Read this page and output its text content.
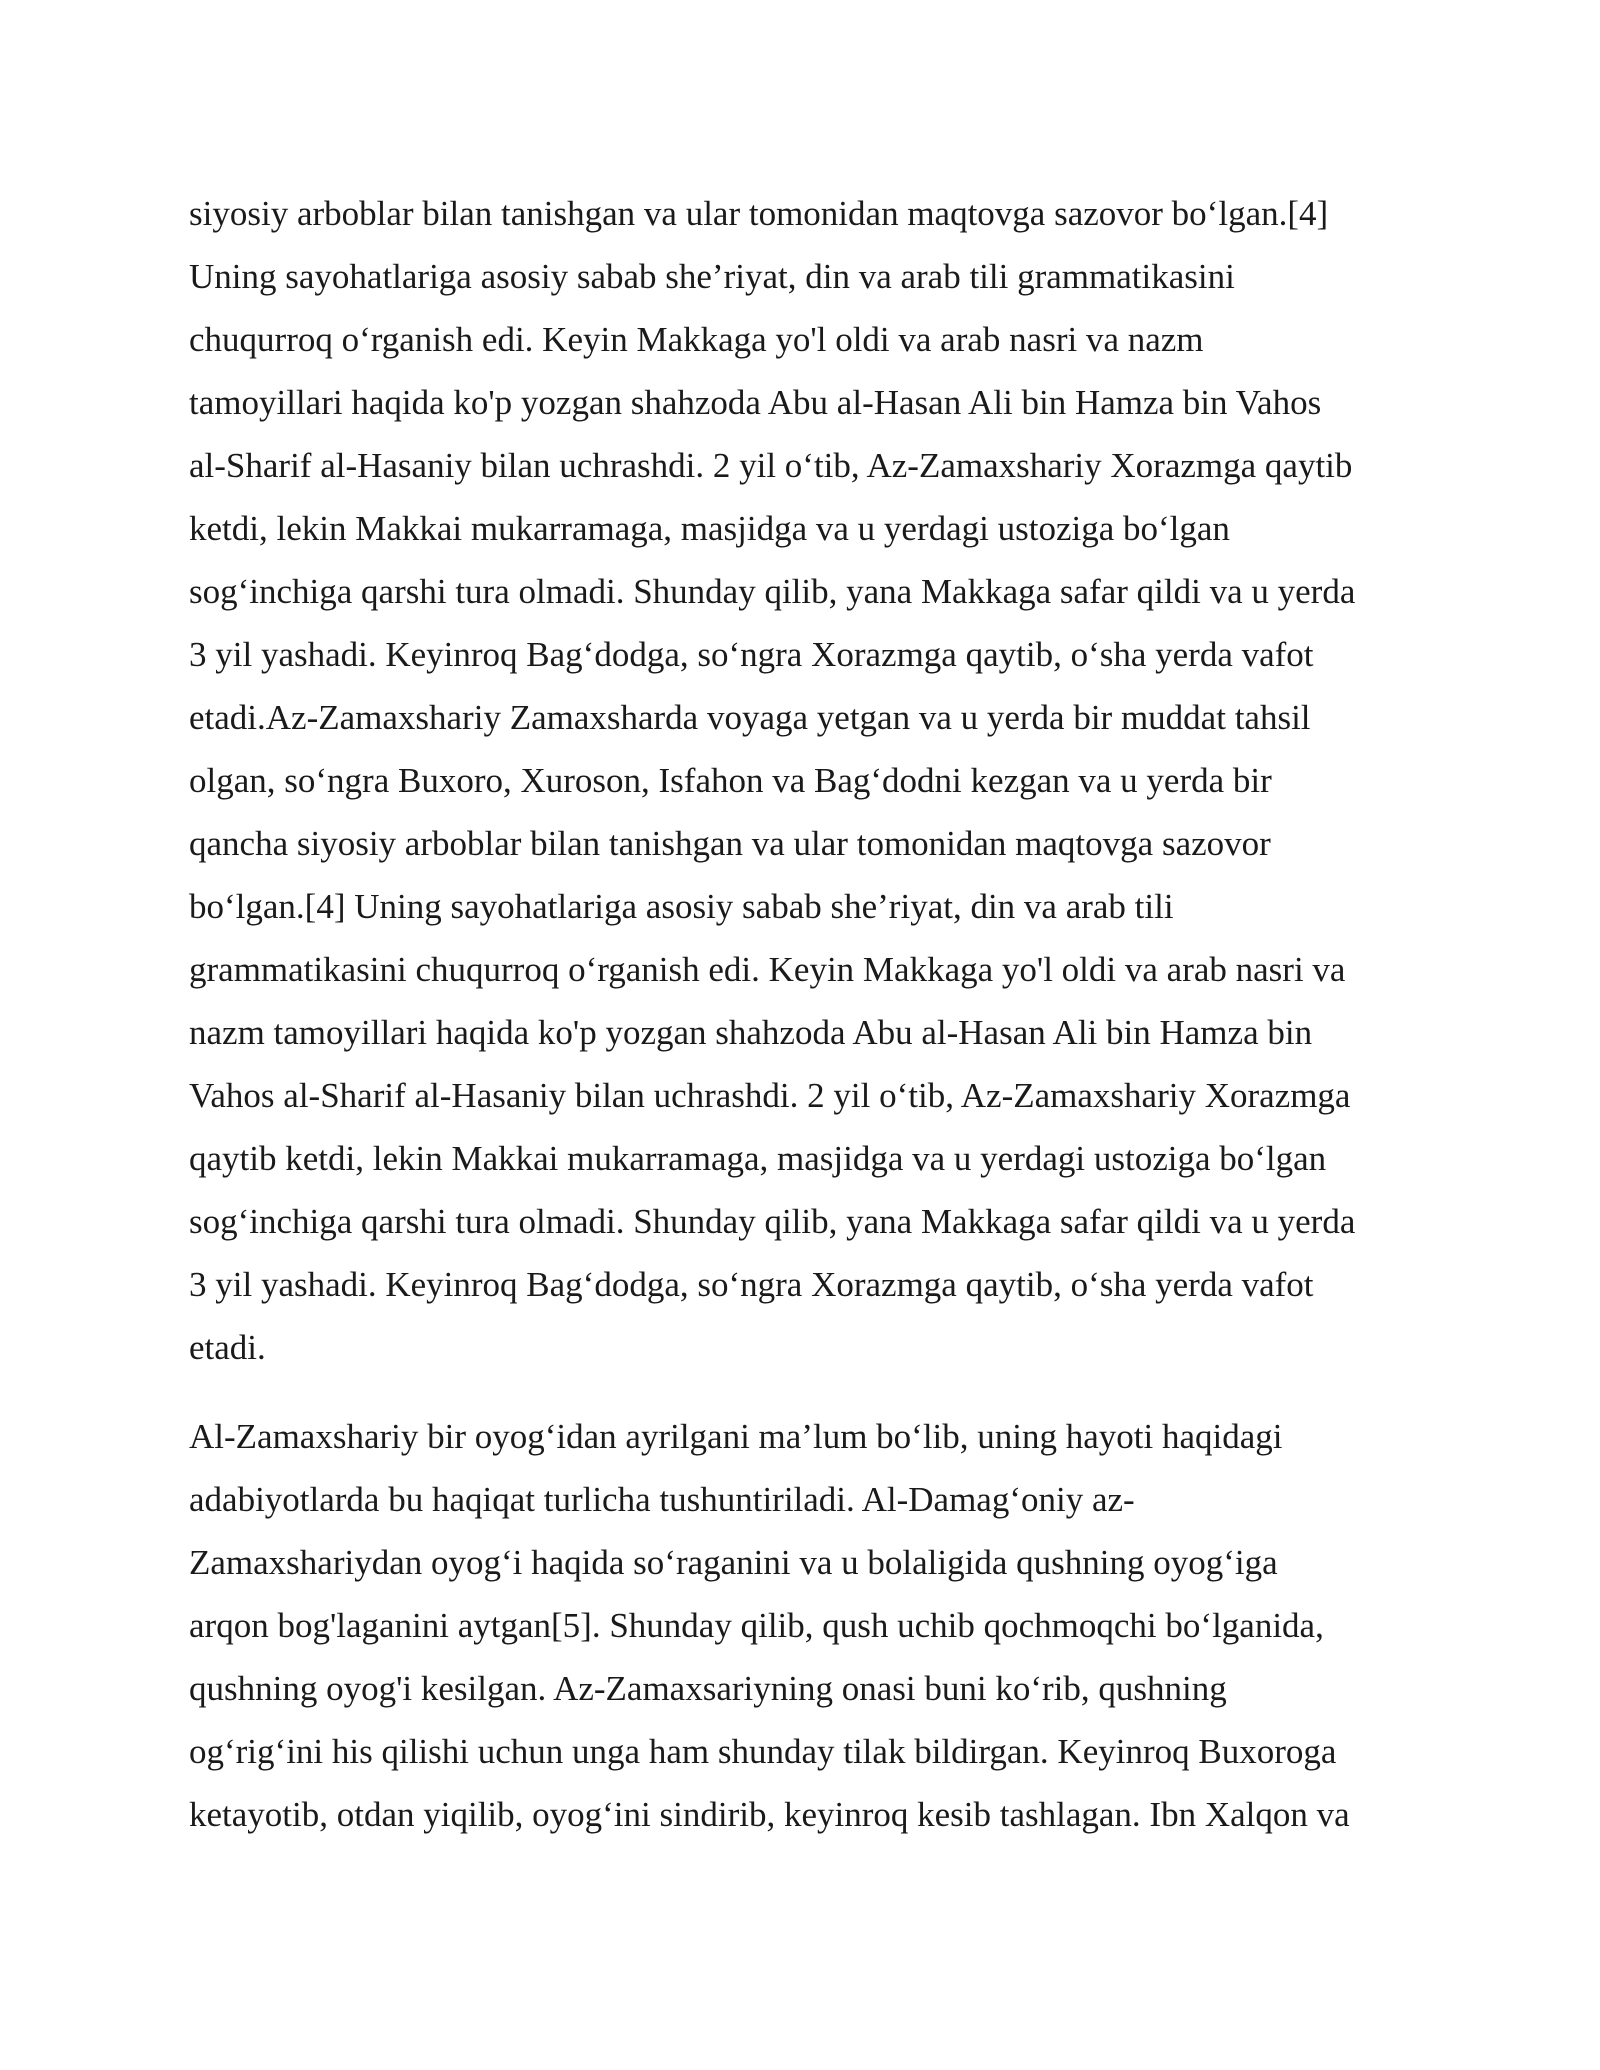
siyosiy arboblar bilan tanishgan va ular tomonidan maqtovga sazovor bo‘lgan.[4]
Uning sayohatlariga asosiy sabab she’riyat, din va arab tili grammatikasini
chuqurroq o‘rganish edi. Keyin Makkaga yo'l oldi va arab nasri va nazm
tamoyillari haqida ko'p yozgan shahzoda Abu al-Hasan Ali bin Hamza bin Vahos
al-Sharif al-Hasaniy bilan uchrashdi. 2 yil o‘tib, Az-Zamaxshariy Xorazmga qaytib
ketdi, lekin Makkai mukarramaga, masjidga va u yerdagi ustoziga bo‘lgan
sog‘inchiga qarshi tura olmadi. Shunday qilib, yana Makkaga safar qildi va u yerda
3 yil yashadi. Keyinroq Bag‘dodga, so‘ngra Xorazmga qaytib, o‘sha yerda vafot
etadi.Az-Zamaxshariy Zamaxsharda voyaga yetgan va u yerda bir muddat tahsil
olgan, so‘ngra Buxoro, Xuroson, Isfahon va Bag‘dodni kezgan va u yerda bir
qancha siyosiy arboblar bilan tanishgan va ular tomonidan maqtovga sazovor
bo‘lgan.[4] Uning sayohatlariga asosiy sabab she’riyat, din va arab tili
grammatikasini chuqurroq o‘rganish edi. Keyin Makkaga yo'l oldi va arab nasri va
nazm tamoyillari haqida ko'p yozgan shahzoda Abu al-Hasan Ali bin Hamza bin
Vahos al-Sharif al-Hasaniy bilan uchrashdi. 2 yil o‘tib, Az-Zamaxshariy Xorazmga
qaytib ketdi, lekin Makkai mukarramaga, masjidga va u yerdagi ustoziga bo‘lgan
sog‘inchiga qarshi tura olmadi. Shunday qilib, yana Makkaga safar qildi va u yerda
3 yil yashadi. Keyinroq Bag‘dodga, so‘ngra Xorazmga qaytib, o‘sha yerda vafot
etadi.
Al-Zamaxshariy bir oyog‘idan ayrilgani ma’lum bo‘lib, uning hayoti haqidagi
adabiyotlarda bu haqiqat turlicha tushuntiriladi. Al-Damag‘oniy az-
Zamaxshariydan oyog‘i haqida so‘raganini va u bolaligida qushning oyog‘iga
arqon bog'laganini aytgan[5]. Shunday qilib, qush uchib qochmoqchi bo‘lganida,
qushning oyog'i kesilgan. Az-Zamaxsariyning onasi buni ko‘rib, qushning
og‘rig‘ini his qilishi uchun unga ham shunday tilak bildirgan. Keyinroq Buxoroga
ketayotib, otdan yiqilib, oyog‘ini sindirib, keyinroq kesib tashlagan. Ibn Xalqon va
